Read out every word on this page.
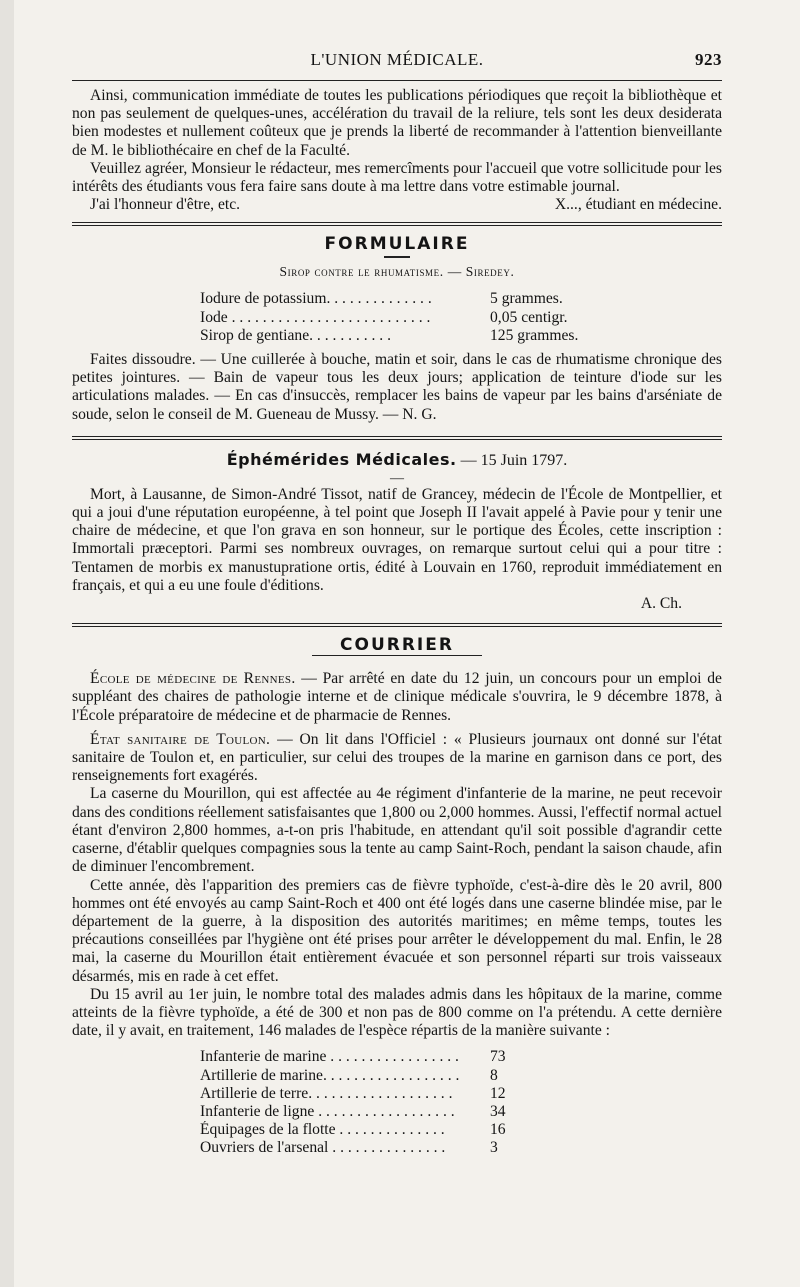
L'UNION MÉDICALE.	923

Ainsi, communication immédiate de toutes les publications périodiques que reçoit la bibliothèque et non pas seulement de quelques-unes, accélération du travail de la reliure, tels sont les deux desiderata bien modestes et nullement coûteux que je prends la liberté de recommander à l'attention bienveillante de M. le bibliothécaire en chef de la Faculté.

Veuillez agréer, Monsieur le rédacteur, mes remercîments pour l'accueil que votre sollicitude pour les intérêts des étudiants vous fera faire sans doute à ma lettre dans votre estimable journal.

J'ai l'honneur d'être, etc.	X..., étudiant en médecine.
FORMULAIRE
Sirop contre le rhumatisme. — Siredey.
Iodure de potassium. . . . . . . . . . . . . .	5 grammes.
Iode . . . . . . . . . . . . . . . . . . . . . . . . . .	0,05 centigr.
Sirop de gentiane. . . . . . . . . . .	125 grammes.

Faites dissoudre. — Une cuillerée à bouche, matin et soir, dans le cas de rhumatisme chronique des petites jointures. — Bain de vapeur tous les deux jours; application de teinture d'iode sur les articulations malades. — En cas d'insuccès, remplacer les bains de vapeur par les bains d'arséniate de soude, selon le conseil de M. Gueneau de Mussy. — N. G.

Éphémérides Médicales. — 15 Juin 1797.
—

Mort, à Lausanne, de Simon-André Tissot, natif de Grancey, médecin de l'École de Montpellier, et qui a joui d'une réputation européenne, à tel point que Joseph II l'avait appelé à Pavie pour y tenir une chaire de médecine, et que l'on grava en son honneur, sur le portique des Écoles, cette inscription : Immortali præceptori. Parmi ses nombreux ouvrages, on remarque surtout celui qui a pour titre : Tentamen de morbis ex manustupratione ortis, édité à Louvain en 1760, reproduit immédiatement en français, et qui a eu une foule d'éditions.

A. Ch.

COURRIER

École de médecine de Rennes. — Par arrêté en date du 12 juin, un concours pour un emploi de suppléant des chaires de pathologie interne et de clinique médicale s'ouvrira, le 9 décembre 1878, à l'École préparatoire de médecine et de pharmacie de Rennes.

État sanitaire de Toulon. — On lit dans l'Officiel : « Plusieurs journaux ont donné sur l'état sanitaire de Toulon et, en particulier, sur celui des troupes de la marine en garnison dans ce port, des renseignements fort exagérés.

La caserne du Mourillon, qui est affectée au 4e régiment d'infanterie de la marine, ne peut recevoir dans des conditions réellement satisfaisantes que 1,800 ou 2,000 hommes. Aussi, l'effectif normal actuel étant d'environ 2,800 hommes, a-t-on pris l'habitude, en attendant qu'il soit possible d'agrandir cette caserne, d'établir quelques compagnies sous la tente au camp Saint-Roch, pendant la saison chaude, afin de diminuer l'encombrement.

Cette année, dès l'apparition des premiers cas de fièvre typhoïde, c'est-à-dire dès le 20 avril, 800 hommes ont été envoyés au camp Saint-Roch et 400 ont été logés dans une caserne blindée mise, par le département de la guerre, à la disposition des autorités maritimes; en même temps, toutes les précautions conseillées par l'hygiène ont été prises pour arrêter le développement du mal. Enfin, le 28 mai, la caserne du Mourillon était entièrement évacuée et son personnel réparti sur trois vaisseaux désarmés, mis en rade à cet effet.

Du 15 avril au 1er juin, le nombre total des malades admis dans les hôpitaux de la marine, comme atteints de la fièvre typhoïde, a été de 300 et non pas de 800 comme on l'a prétendu. A cette dernière date, il y avait, en traitement, 146 malades de l'espèce répartis de la manière suivante :

Infanterie de marine . . . . . . . . . . . . . . . . .	73
Artillerie de marine. . . . . . . . . . . . . . . . . .	8
Artillerie de terre. . . . . . . . . . . . . . . . . . .	12
Infanterie de ligne . . . . . . . . . . . . . . . . . .	34
Équipages de la flotte . . . . . . . . . . . . . .	16
Ouvriers de l'arsenal . . . . . . . . . . . . . . .	3
